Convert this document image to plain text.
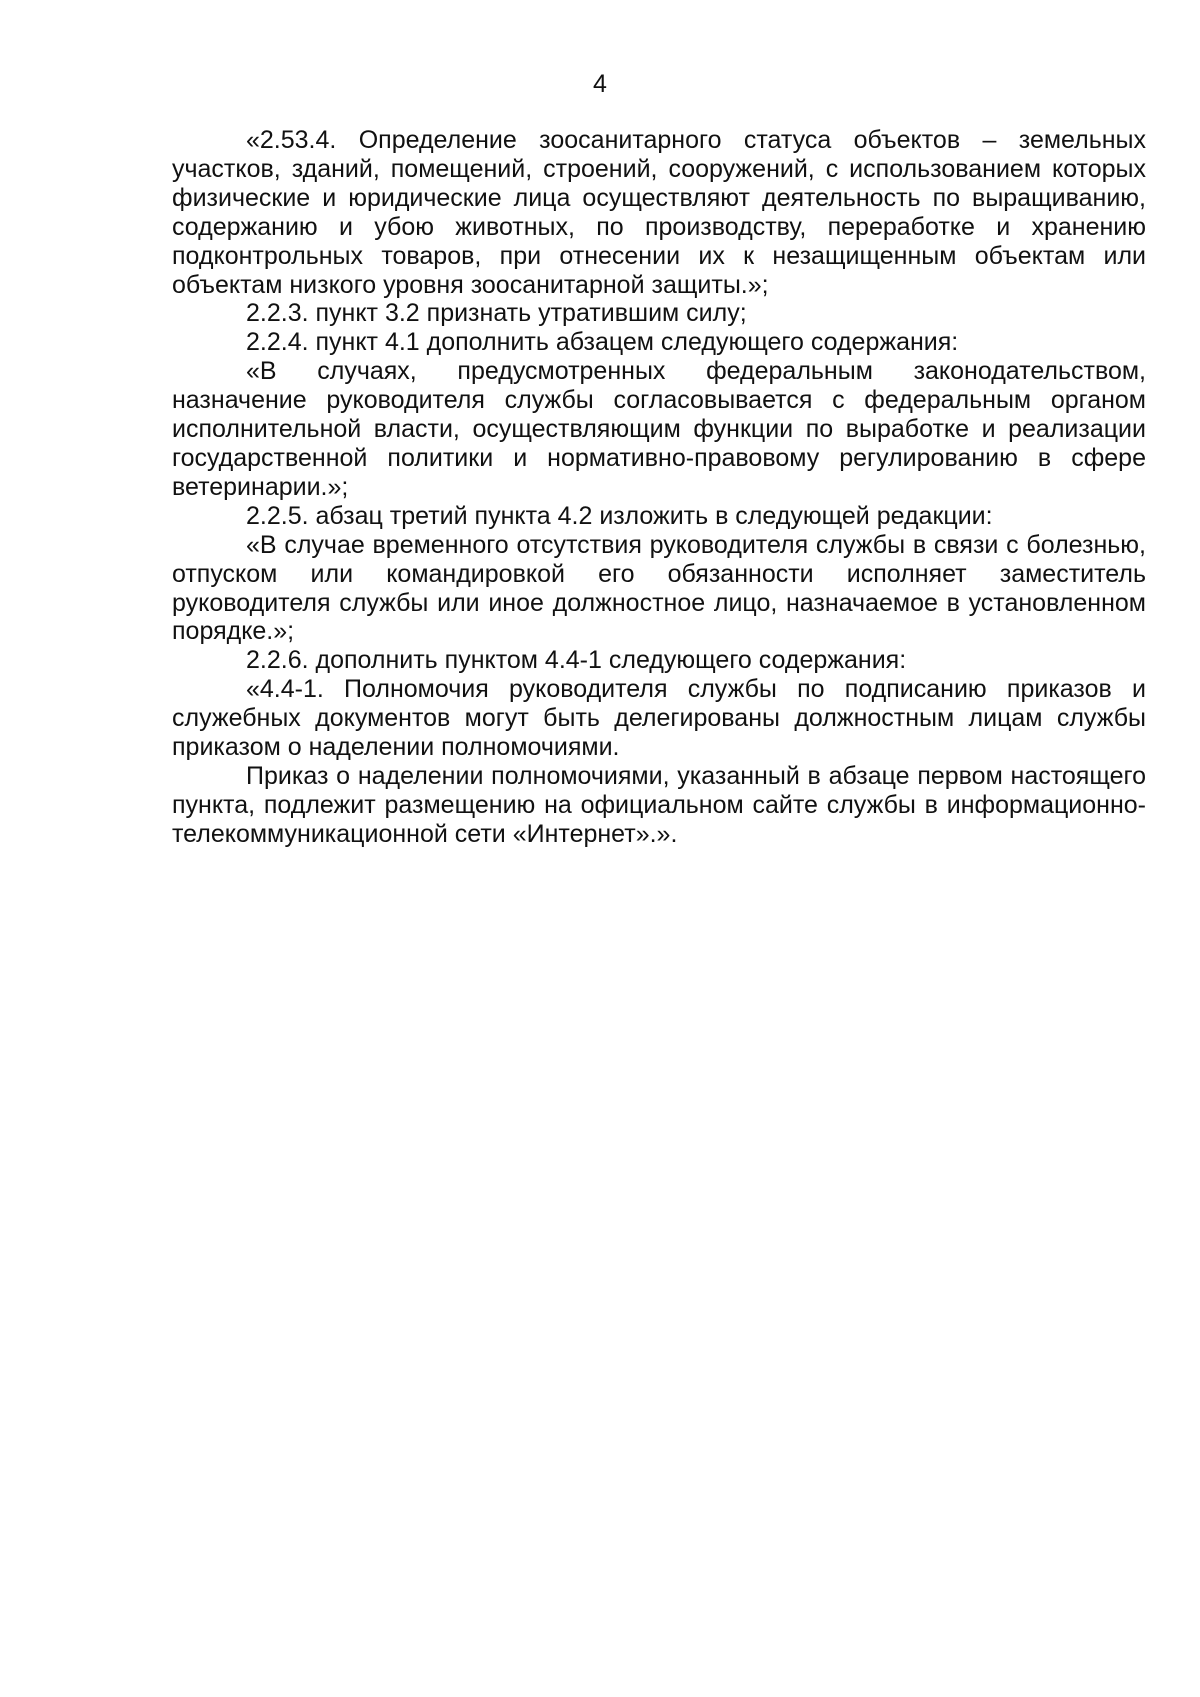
4

«2.53.4. Определение зоосанитарного статуса объектов – земельных участков, зданий, помещений, строений, сооружений, с использованием которых физические и юридические лица осуществляют деятельность по выращиванию, содержанию и убою животных, по производству, переработке и хранению подконтрольных товаров, при отнесении их к незащищенным объектам или объектам низкого уровня зоосанитарной защиты.»;

2.2.3. пункт 3.2 признать утратившим силу;

2.2.4. пункт 4.1 дополнить абзацем следующего содержания:

«В случаях, предусмотренных федеральным законодательством, назначение руководителя службы согласовывается с федеральным органом исполнительной власти, осуществляющим функции по выработке и реализации государственной политики и нормативно-правовому регулированию в сфере ветеринарии.»;

2.2.5. абзац третий пункта 4.2 изложить в следующей редакции:

«В случае временного отсутствия руководителя службы в связи с болезнью, отпуском или командировкой его обязанности исполняет заместитель руководителя службы или иное должностное лицо, назначаемое в установленном порядке.»;

2.2.6. дополнить пунктом 4.4-1 следующего содержания:

«4.4-1. Полномочия руководителя службы по подписанию приказов и служебных документов могут быть делегированы должностным лицам службы приказом о наделении полномочиями.

Приказ о наделении полномочиями, указанный в абзаце первом настоящего пункта, подлежит размещению на официальном сайте службы в информационно-телекоммуникационной сети «Интернет».».
